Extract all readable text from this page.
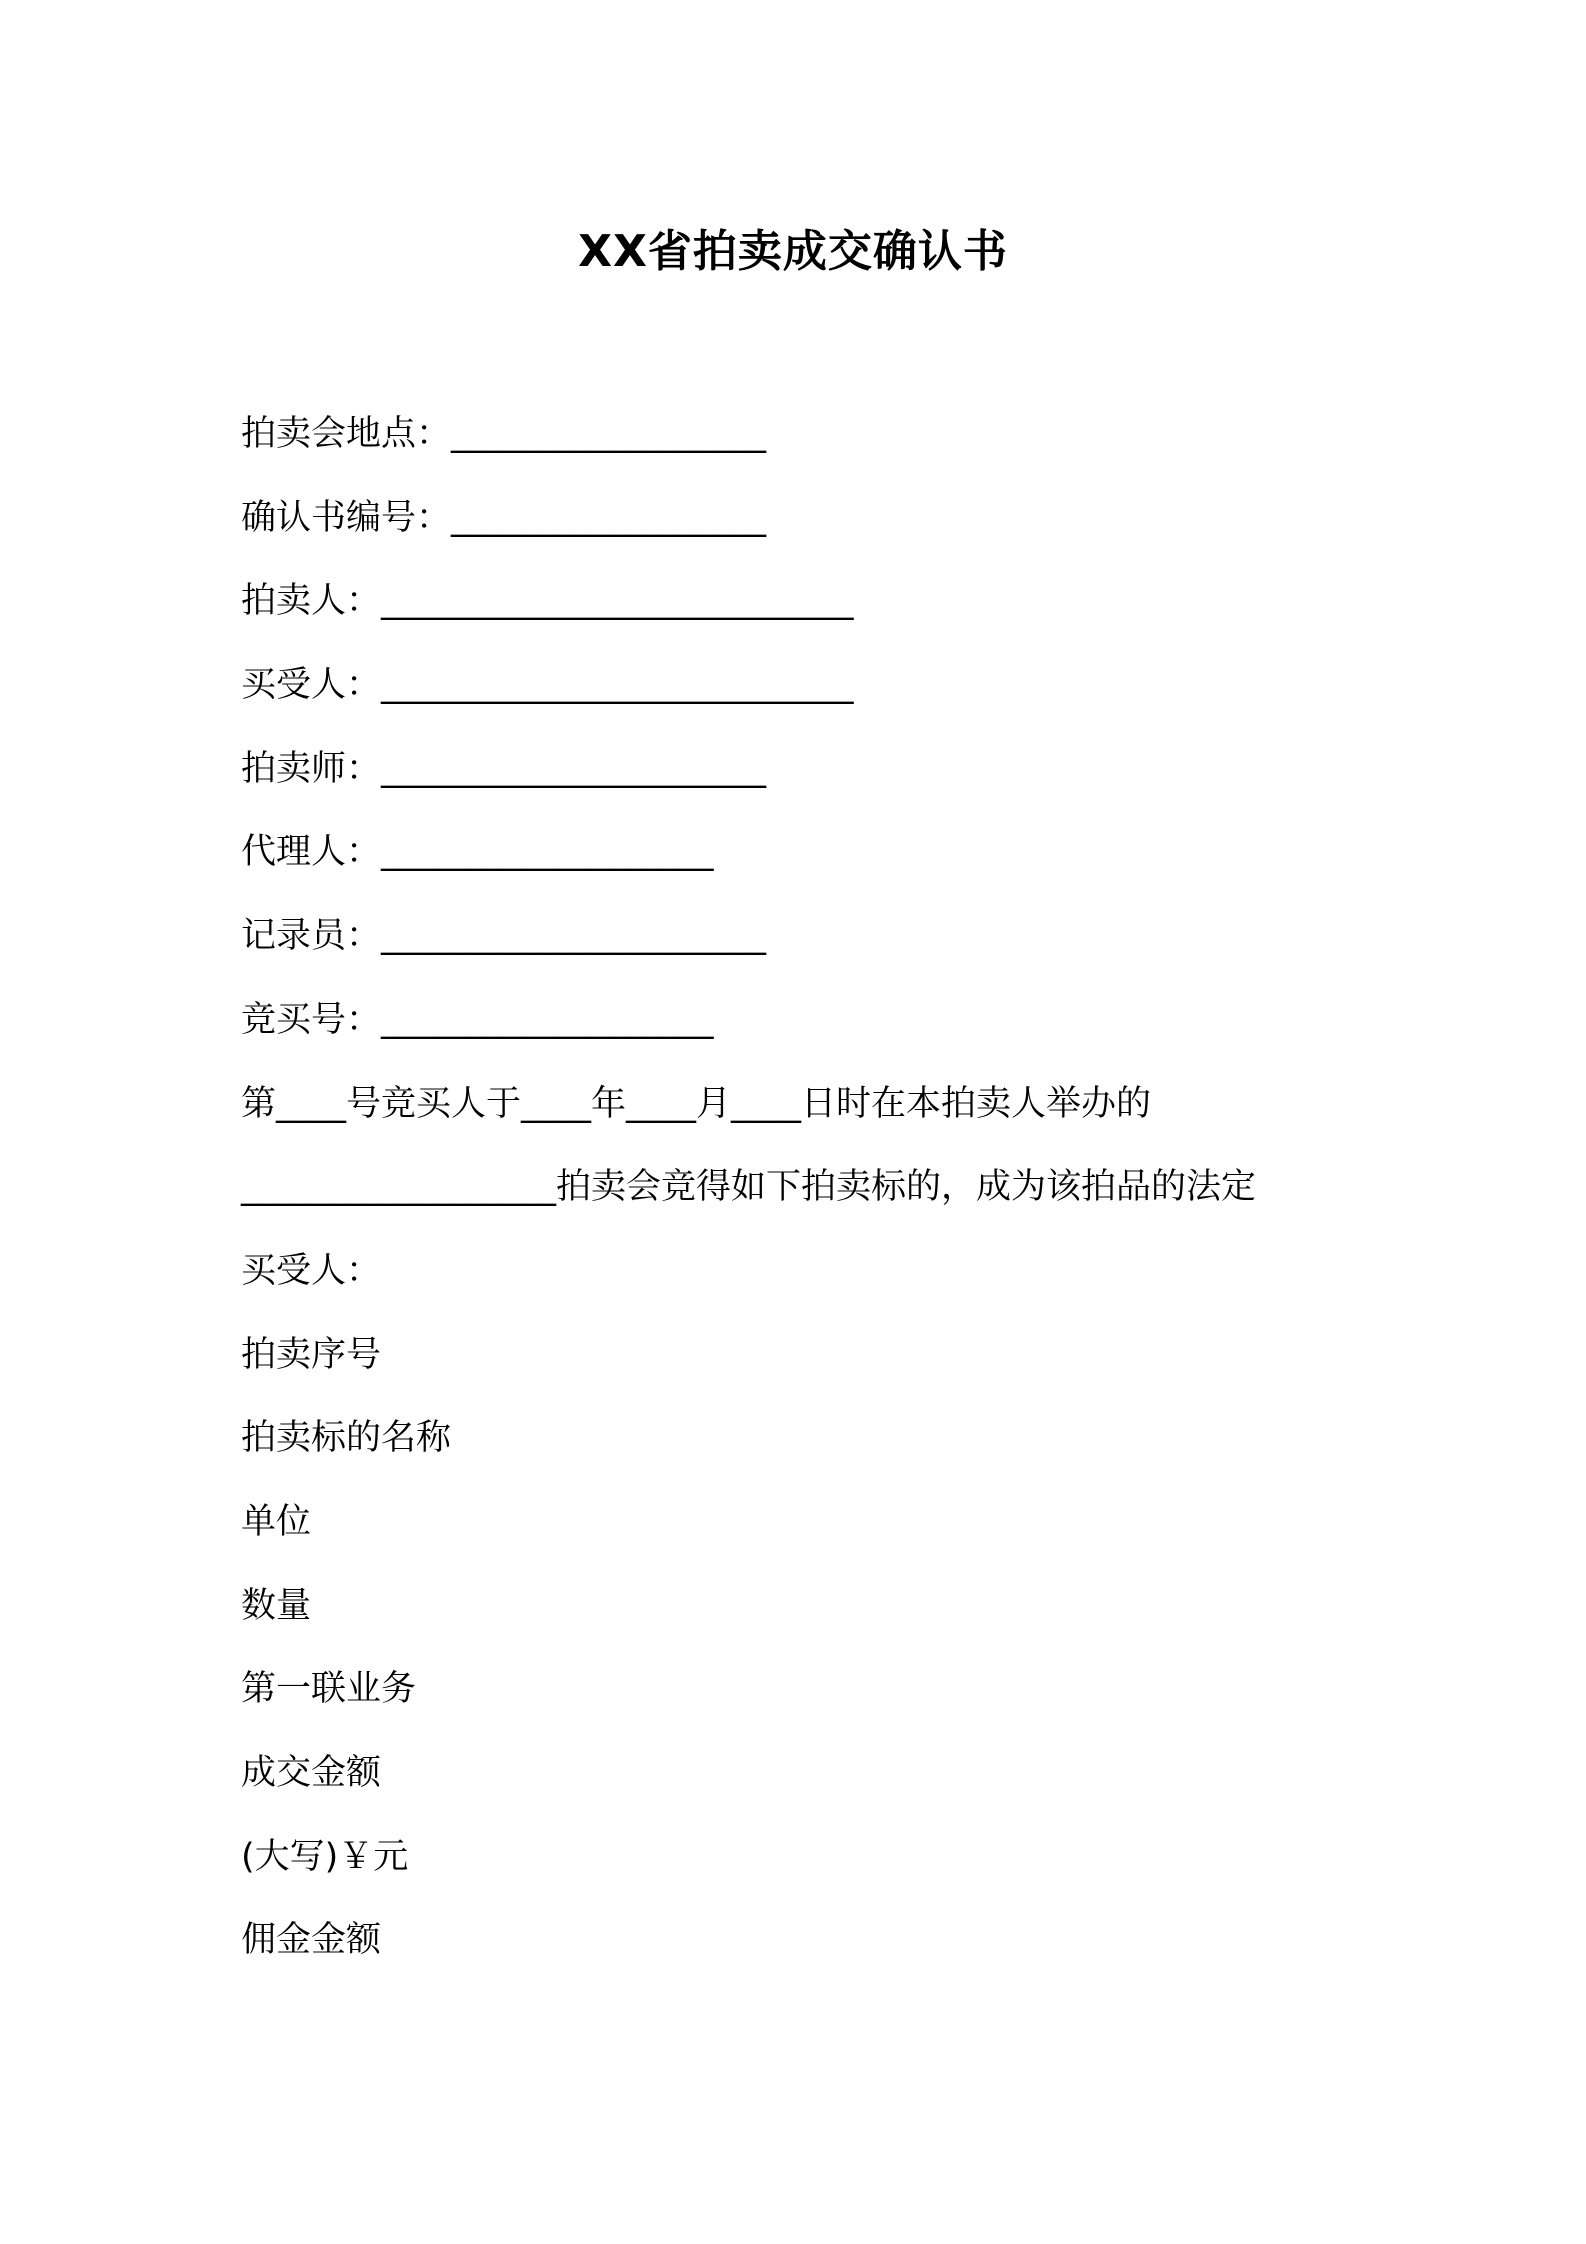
XX省拍卖成交确认书
拍卖会地点：__________________
确认书编号：__________________
拍卖人：___________________________
买受人：___________________________
拍卖师：______________________
代理人：___________________
记录员：______________________
竞买号：___________________
第____号竞买人于____年____月____日时在本拍卖人举办的
__________________拍卖会竞得如下拍卖标的，成为该拍品的法定
买受人：
拍卖序号
拍卖标的名称
单位
数量
第一联业务
成交金额
(大写)￥元
佣金金额
